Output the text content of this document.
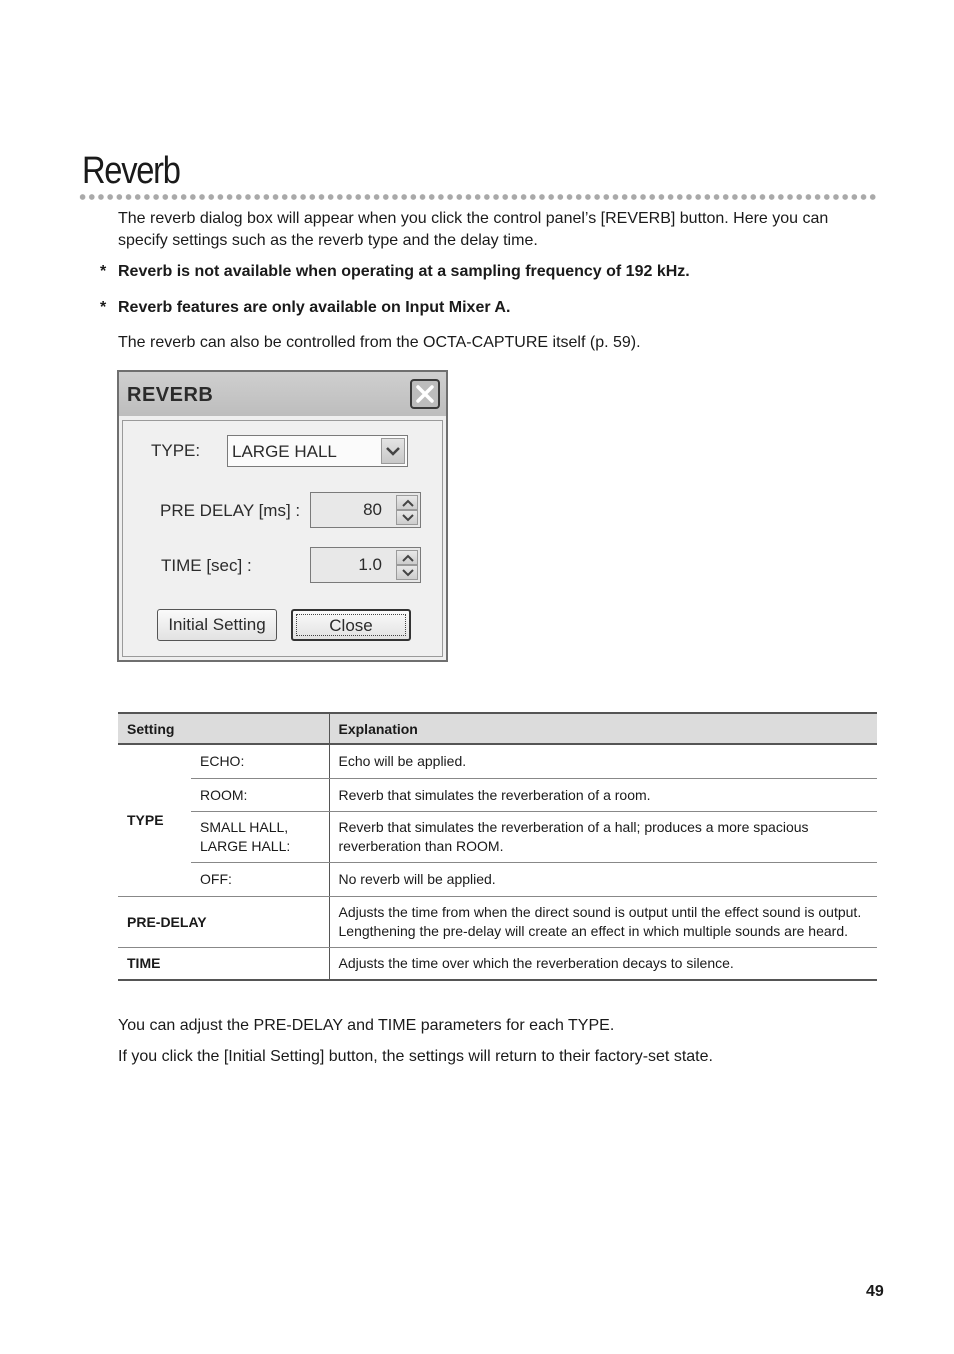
Reverb

The reverb dialog box will appear when you click the control panel’s [REVERB] button. Here you can specify settings such as the reverb type and the delay time.

* Reverb is not available when operating at a sampling frequency of 192 kHz.

* Reverb features are only available on Input Mixer A.

The reverb can also be controlled from the OCTA-CAPTURE itself (p. 59).

REVERB
TYPE: LARGE HALL
PRE DELAY [ms] :	80
TIME [sec] :	1.0
Initial Setting	Close
Setting		Explanation
TYPE	ECHO:	Echo will be applied.
	ROOM:	Reverb that simulates the reverberation of a room.
	SMALL HALL,
LARGE HALL:	Reverb that simulates the reverberation of a hall; produces a more spacious reverberation than ROOM.
	OFF:	No reverb will be applied.
PRE-DELAY		Adjusts the time from when the direct sound is output until the effect sound is output. Lengthening the pre-delay will create an effect in which multiple sounds are heard.
TIME		Adjusts the time over which the reverberation decays to silence.

You can adjust the PRE-DELAY and TIME parameters for each TYPE.

If you click the [Initial Setting] button, the settings will return to their factory-set state.

49
